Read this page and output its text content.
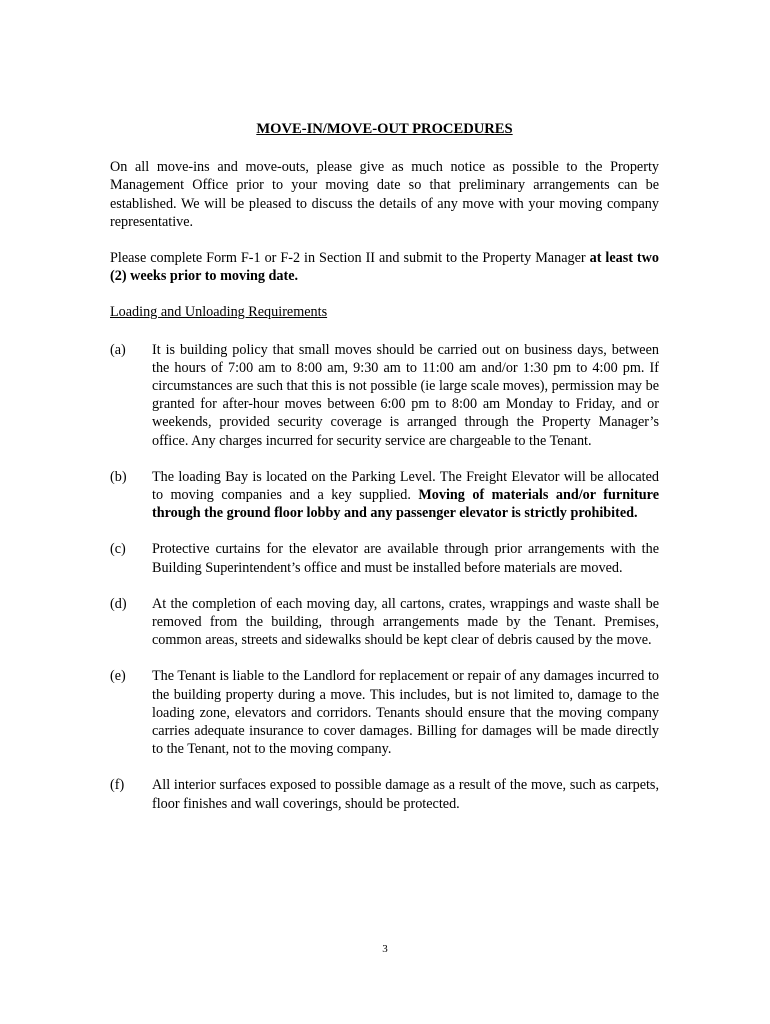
MOVE-IN/MOVE-OUT PROCEDURES
On all move-ins and move-outs, please give as much notice as possible to the Property Management Office prior to your moving date so that preliminary arrangements can be established. We will be pleased to discuss the details of any move with your moving company representative.
Please complete Form F-1 or F-2 in Section II and submit to the Property Manager at least two (2) weeks prior to moving date.
Loading and Unloading Requirements
(a)	It is building policy that small moves should be carried out on business days, between the hours of 7:00 am to 8:00 am, 9:30 am to 11:00 am and/or 1:30 pm to 4:00 pm. If circumstances are such that this is not possible (ie large scale moves), permission may be granted for after-hour moves between 6:00 pm to 8:00 am Monday to Friday, and or weekends, provided security coverage is arranged through the Property Manager’s office. Any charges incurred for security service are chargeable to the Tenant.
(b)	The loading Bay is located on the Parking Level. The Freight Elevator will be allocated to moving companies and a key supplied. Moving of materials and/or furniture through the ground floor lobby and any passenger elevator is strictly prohibited.
(c)	Protective curtains for the elevator are available through prior arrangements with the Building Superintendent’s office and must be installed before materials are moved.
(d)	At the completion of each moving day, all cartons, crates, wrappings and waste shall be removed from the building, through arrangements made by the Tenant. Premises, common areas, streets and sidewalks should be kept clear of debris caused by the move.
(e)	The Tenant is liable to the Landlord for replacement or repair of any damages incurred to the building property during a move. This includes, but is not limited to, damage to the loading zone, elevators and corridors. Tenants should ensure that the moving company carries adequate insurance to cover damages. Billing for damages will be made directly to the Tenant, not to the moving company.
(f)	All interior surfaces exposed to possible damage as a result of the move, such as carpets, floor finishes and wall coverings, should be protected.
3
